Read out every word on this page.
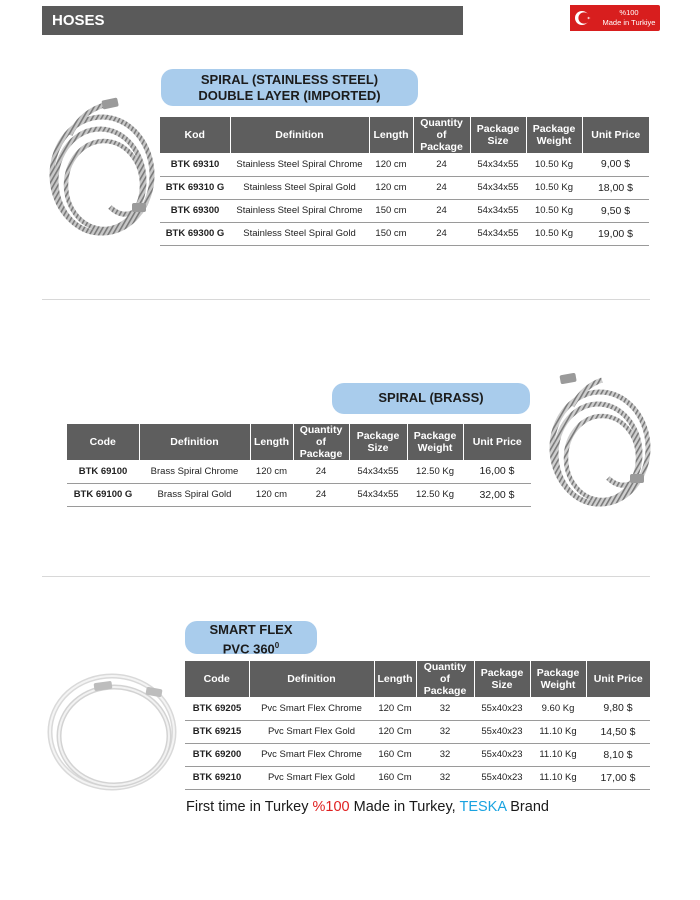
HOSES	%100
Made in Turkiye
SPIRAL (STAINLESS STEEL)
DOUBLE LAYER (IMPORTED)
Kod	Definition	Length	Quantity of Package	Package Size	Package Weight	Unit Price
BTK 69310	Stainless Steel Spiral Chrome	120 cm	24	54x34x55	10.50 Kg	9,00 $
BTK 69310 G	Stainless Steel Spiral Gold	120 cm	24	54x34x55	10.50 Kg	18,00 $
BTK 69300	Stainless Steel Spiral Chrome	150 cm	24	54x34x55	10.50 Kg	9,50 $
BTK 69300 G	Stainless Steel Spiral Gold	150 cm	24	54x34x55	10.50 Kg	19,00 $
SPIRAL (BRASS)
Code	Definition	Length	Quantity of Package	Package Size	Package Weight	Unit Price
BTK 69100	Brass Spiral Chrome	120 cm	24	54x34x55	12.50 Kg	16,00 $
BTK 69100 G	Brass Spiral Gold	120 cm	24	54x34x55	12.50 Kg	32,00 $
SMART FLEX
PVC $360^0$
Code	Definition	Length	Quantity of Package	Package Size	Package Weight	Unit Price
BTK 69205	Pvc Smart Flex Chrome	120 Cm	32	55x40x23	9.60 Kg	9,80 $
BTK 69215	Pvc Smart Flex Gold	120 Cm	32	55x40x23	11.10 Kg	14,50 $
BTK 69200	Pvc Smart Flex Chrome	160 Cm	32	55x40x23	11.10 Kg	8,10 $
BTK 69210	Pvc Smart Flex Gold	160 Cm	32	55x40x23	11.10 Kg	17,00 $
First time in Turkey %100 Made in Turkey, TESKA Brand
